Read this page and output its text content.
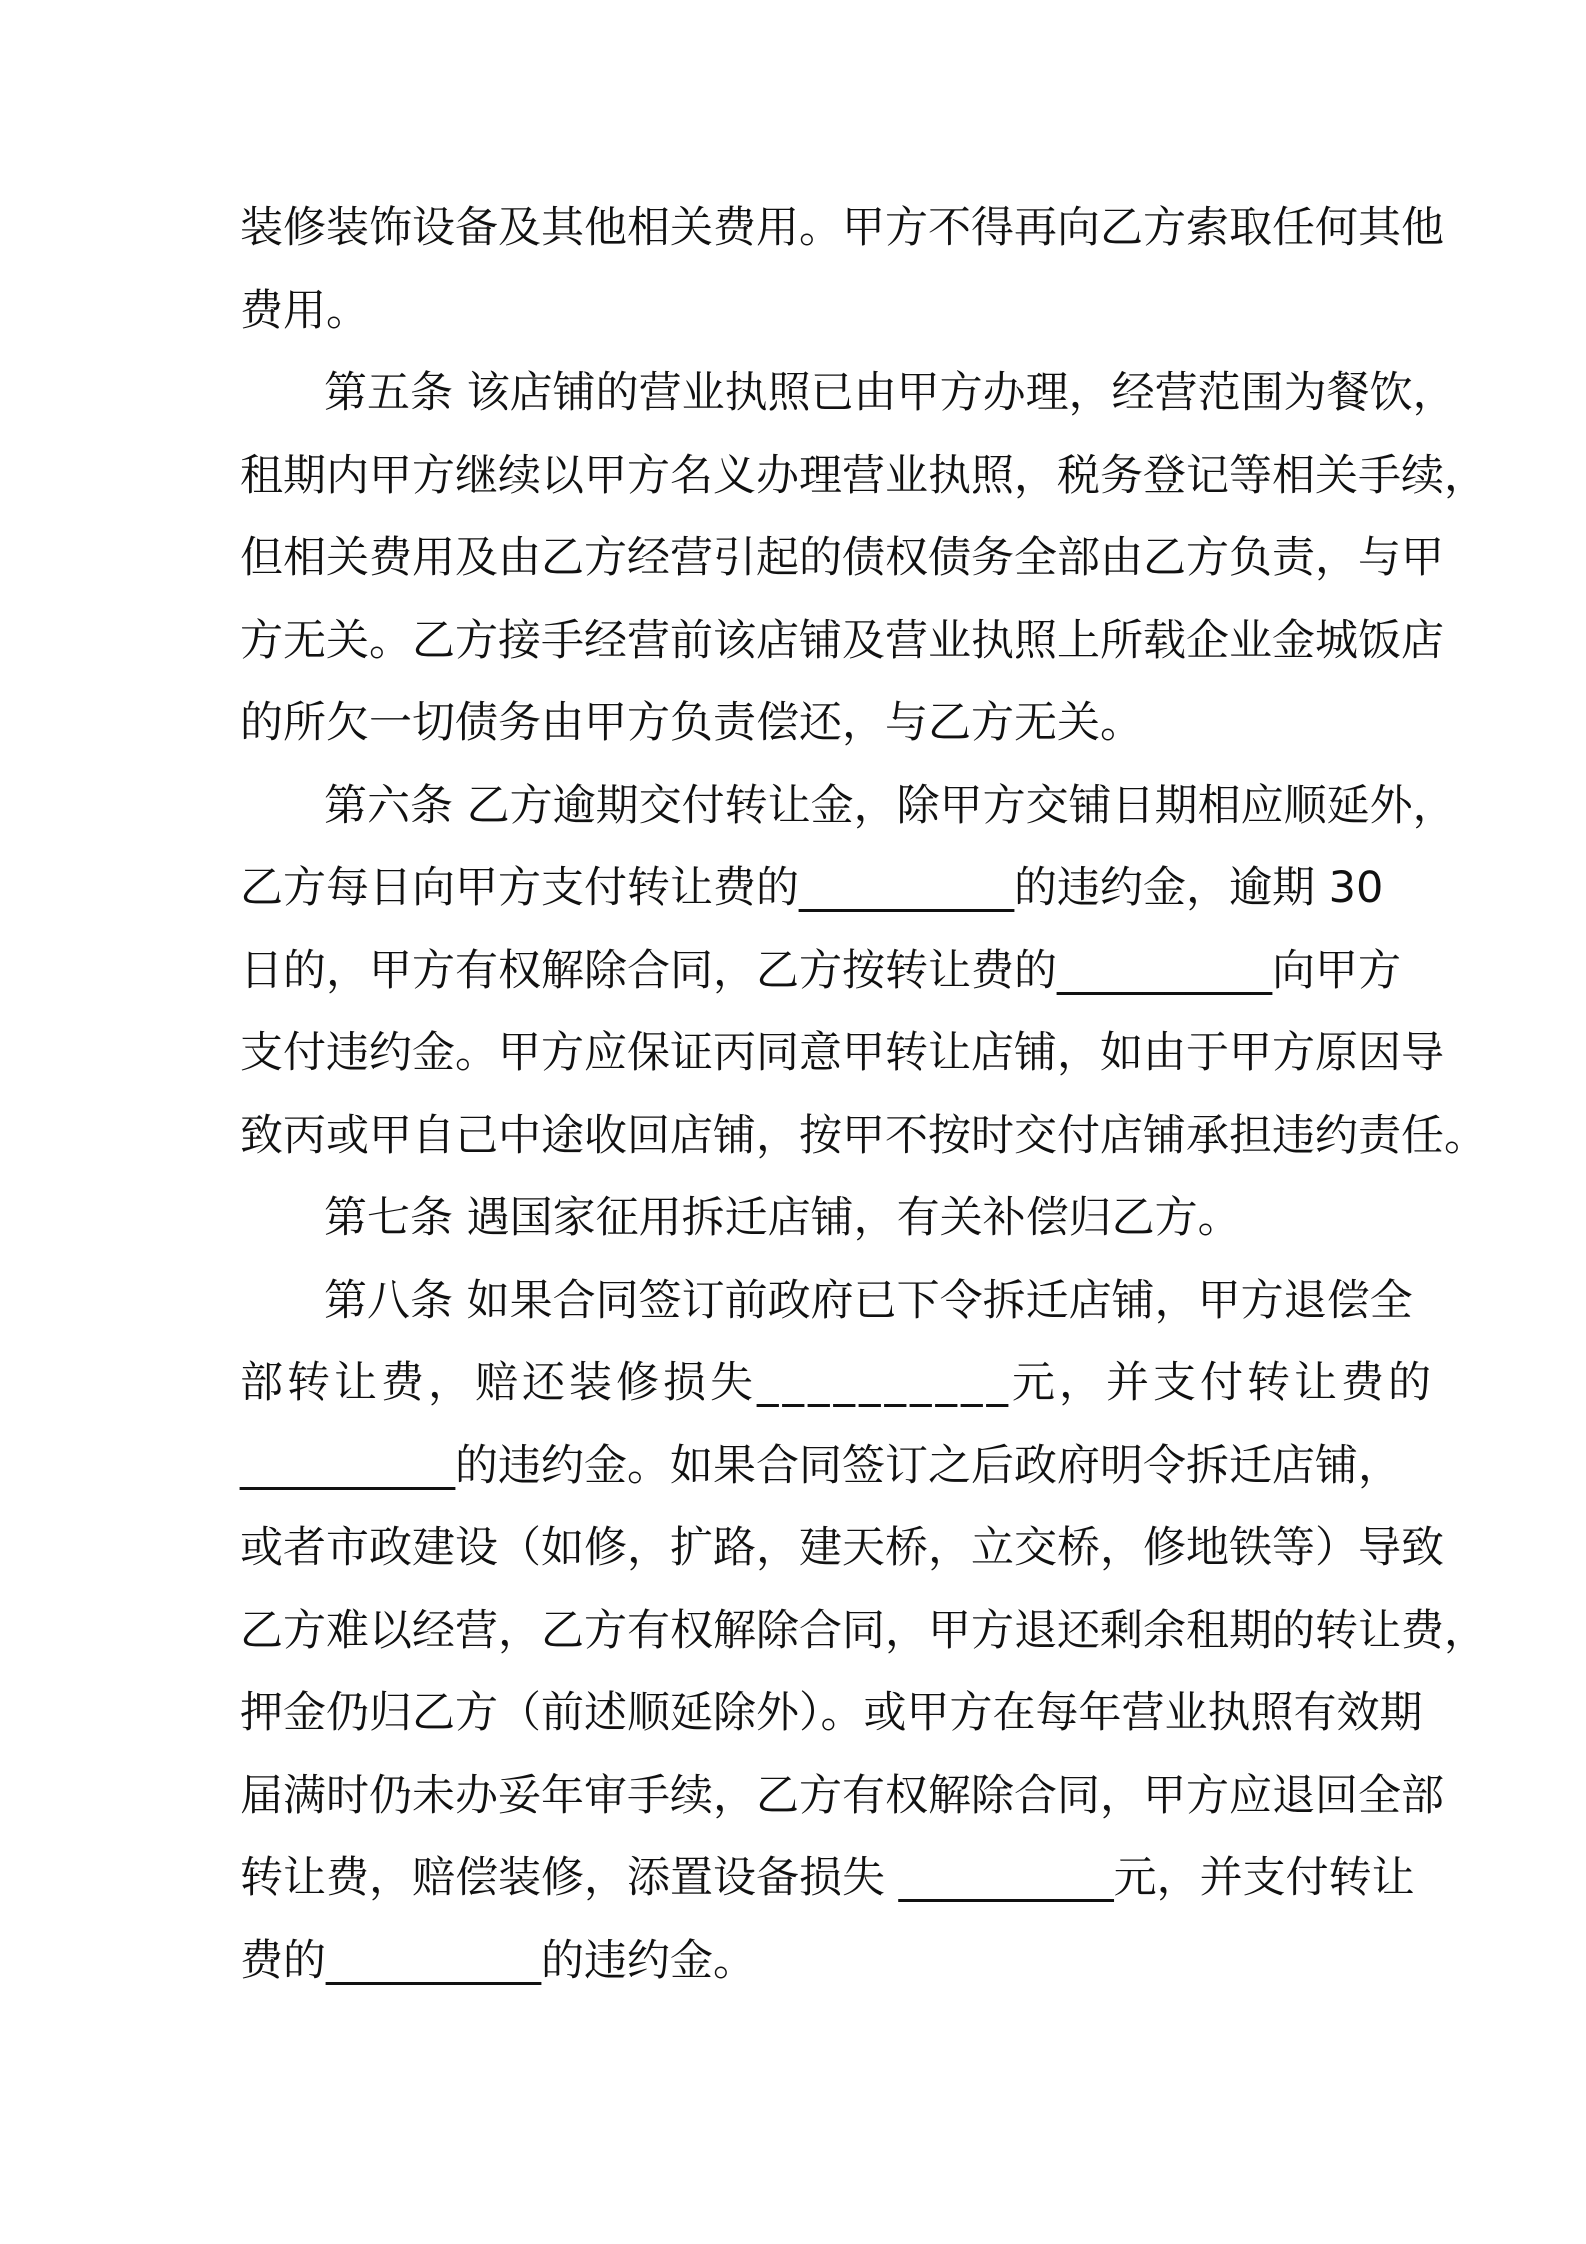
装修装饰设备及其他相关费用。甲方不得再向乙方索取任何其他

费用。

第五条 该店铺的营业执照已由甲方办理，经营范围为餐饮，

租期内甲方继续以甲方名义办理营业执照，税务登记等相关手续，

但相关费用及由乙方经营引起的债权债务全部由乙方负责，与甲

方无关。乙方接手经营前该店铺及营业执照上所载企业金城饭店

的所欠一切债务由甲方负责偿还，与乙方无关。

第六条 乙方逾期交付转让金，除甲方交铺日期相应顺延外，

乙方每日向甲方支付转让费的__________的违约金，逾期 30

日的，甲方有权解除合同，乙方按转让费的__________向甲方

支付违约金。甲方应保证丙同意甲转让店铺，如由于甲方原因导

致丙或甲自己中途收回店铺，按甲不按时交付店铺承担违约责任。

第七条 遇国家征用拆迁店铺，有关补偿归乙方。

第八条 如果合同签订前政府已下令拆迁店铺，甲方退偿全

部转让费，赔还装修损失__________元，并支付转让费的

__________的违约金。如果合同签订之后政府明令拆迁店铺，

或者市政建设（如修，扩路，建天桥，立交桥，修地铁等）导致

乙方难以经营，乙方有权解除合同，甲方退还剩余租期的转让费，

押金仍归乙方（前述顺延除外）。或甲方在每年营业执照有效期

届满时仍未办妥年审手续，乙方有权解除合同，甲方应退回全部

转让费，赔偿装修，添置设备损失 __________元，并支付转让

费的__________的违约金。
